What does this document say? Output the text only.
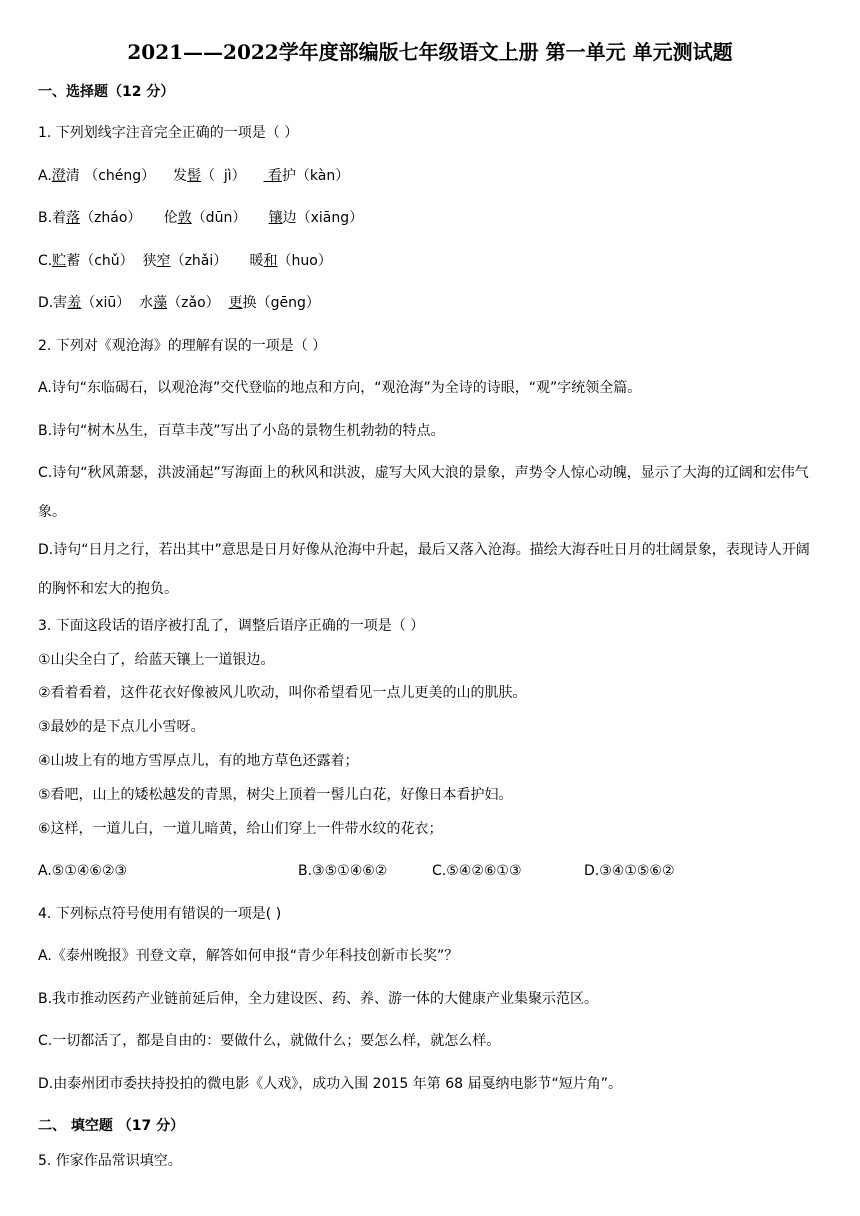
2021——2022学年度部编版七年级语文上册 第一单元 单元测试题
一、选择题（12 分）
1. 下列划线字注音完全正确的一项是（ ）
A.澄清 （chéng）    发髻（  jì）     看护（kàn）
B.着落（zháo）     伦敦（dūn）     镶边（xiāng）
C.贮蓄（chǔ）  狭窄（zhǎi）     暖和（huo）
D.害羞（xiū）  水藻（zǎo）  更换（gēng）
2. 下列对《观沧海》的理解有误的一项是（ ）
A.诗句“东临碣石，以观沧海”交代登临的地点和方向，“观沧海”为全诗的诗眼，“观”字统领全篇。
B.诗句“树木丛生，百草丰茂”写出了小岛的景物生机勃勃的特点。
C.诗句“秋风萧瑟，洪波涌起”写海面上的秋风和洪波，虚写大风大浪的景象，声势令人惊心动魄，显示了大海的辽阔和宏伟气象。
D.诗句“日月之行，若出其中”意思是日月好像从沧海中升起，最后又落入沧海。描绘大海吞吐日月的壮阔景象，表现诗人开阔的胸怀和宏大的抱负。
3. 下面这段话的语序被打乱了，调整后语序正确的一项是（ ）
①山尖全白了，给蓝天镶上一道银边。
②看着看着，这件花衣好像被风儿吹动，叫你希望看见一点儿更美的山的肌肤。
③最妙的是下点儿小雪呀。
④山坡上有的地方雪厚点儿，有的地方草色还露着；
⑤看吧，山上的矮松越发的青黑，树尖上顶着一髻儿白花，好像日本看护妇。
⑥这样，一道儿白，一道儿暗黄，给山们穿上一件带水纹的花衣；
A.⑤①④⑥②③	B.③⑤①④⑥②	C.⑤④②⑥①③	D.③④①⑤⑥②
4. 下列标点符号使用有错误的一项是( )
A.《泰州晚报》刊登文章，解答如何申报“青少年科技创新市长奖”？
B.我市推动医药产业链前延后伸，全力建设医、药、养、游一体的大健康产业集聚示范区。
C.一切都活了，都是自由的：要做什么，就做什么；要怎么样，就怎么样。
D.由泰州团市委扶持投拍的微电影《人戏》，成功入围 2015 年第 68 届戛纳电影节“短片角”。
二、 填空题 （17 分）
5. 作家作品常识填空。
